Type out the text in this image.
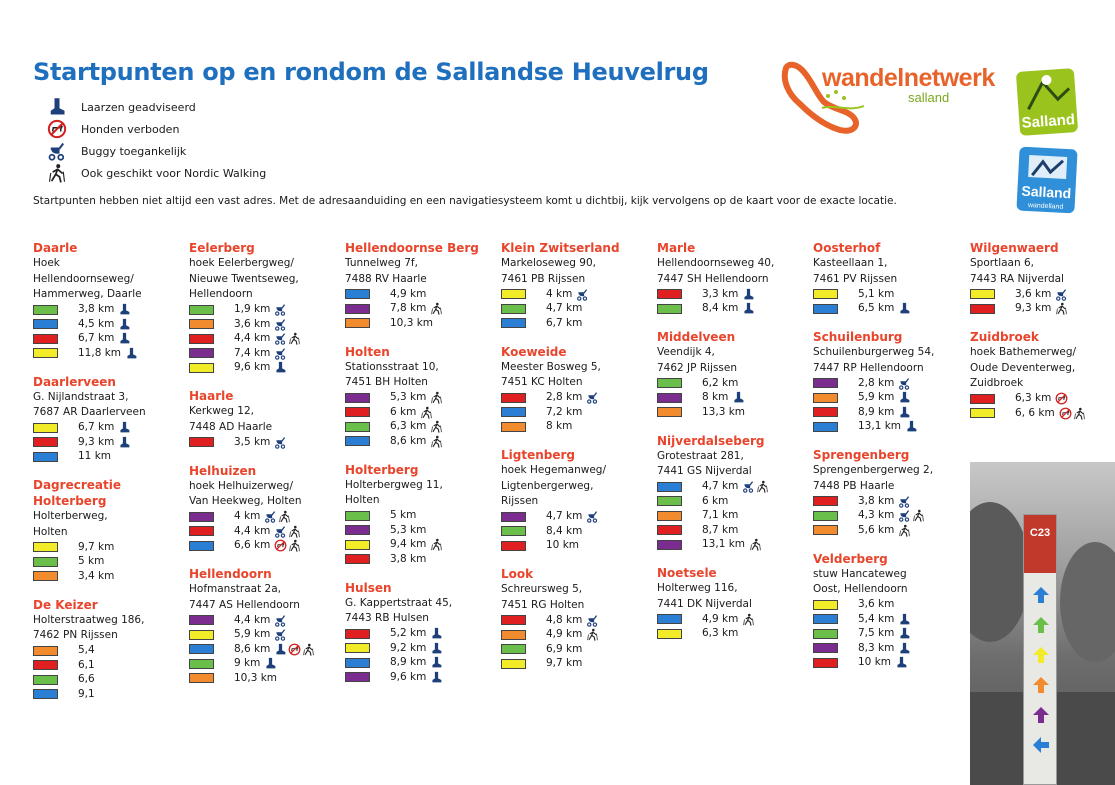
Startpunten op en rondom de Sallandse Heuvelrug
Laarzen geadviseerd
Honden verboden
Buggy toegankelijk
Ook geschikt voor Nordic Walking
Startpunten hebben niet altijd een vast adres. Met de adresaanduiding en een navigatiesysteem komt u dichtbij, kijk vervolgens op de kaart voor de exacte locatie.
wandelnetwerk
salland
Salland
Salland
wandelland
Daarle
Hoek
Hellendoornseweg/
Hammerweg, Daarle
3,8 km
4,5 km
6,7 km
11,8 km
Daarlerveen
G. Nijlandstraat 3,
7687 AR Daarlerveen
6,7 km
9,3 km
11 km
Dagrecreatie Holterberg
Holterberweg,
Holten
9,7 km
5 km
3,4 km
De Keizer
Holterstraatweg 186,
7462 PN Rijssen
5,4
6,1
6,6
9,1
Eelerberg
hoek Eelerbergweg/
Nieuwe Twentseweg,
Hellendoorn
1,9 km
3,6 km
4,4 km
7,4 km
9,6 km
Haarle
Kerkweg 12,
7448 AD Haarle
3,5 km
Helhuizen
hoek Helhuizerweg/
Van Heekweg, Holten
4 km
4,4 km
6,6 km
Hellendoorn
Hofmanstraat 2a,
7447 AS Hellendoorn
4,4 km
5,9 km
8,6 km
9 km
10,3 km
Hellendoornse Berg
Tunnelweg 7f,
7488 RV Haarle
4,9 km
7,8 km
10,3 km
Holten
Stationsstraat 10,
7451 BH Holten
5,3 km
6 km
6,3 km
8,6 km
Holterberg
Holterbergweg 11,
Holten
5 km
5,3 km
9,4 km
3,8 km
Hulsen
G. Kappertstraat 45,
7443 RB Hulsen
5,2 km
9,2 km
8,9 km
9,6 km
Klein Zwitserland
Markeloseweg 90,
7461 PB Rijssen
4 km
4,7 km
6,7 km
Koeweide
Meester Bosweg 5,
7451 KC Holten
2,8 km
7,2 km
8 km
Ligtenberg
hoek Hegemanweg/
Ligtenbergerweg,
Rijssen
4,7 km
8,4 km
10 km
Look
Schreursweg 5,
7451 RG Holten
4,8 km
4,9 km
6,9 km
9,7 km
Marle
Hellendoornseweg 40,
7447 SH Hellendoorn
3,3 km
8,4 km
Middelveen
Veendijk 4,
7462 JP Rijssen
6,2 km
8 km
13,3 km
Nijverdalseberg
Grotestraat 281,
7441 GS Nijverdal
4,7 km
6 km
7,1 km
8,7 km
13,1 km
Noetsele
Holterweg 116,
7441 DK Nijverdal
4,9 km
6,3 km
Oosterhof
Kasteellaan 1,
7461 PV Rijssen
5,1 km
6,5 km
Schuilenburg
Schuilenburgerweg 54,
7447 RP Hellendoorn
2,8 km
5,9 km
8,9 km
13,1 km
Sprengenberg
Sprengenbergerweg 2,
7448 PB Haarle
3,8 km
4,3 km
5,6 km
Velderberg
stuw Hancateweg
Oost, Hellendoorn
3,6 km
5,4 km
7,5 km
8,3 km
10 km
Wilgenwaerd
Sportlaan 6,
7443 RA Nijverdal
3,6 km
9,3 km
Zuidbroek
hoek Bathemerweg/
Oude Deventerweg,
Zuidbroek
6,3 km
6, 6 km
C23
